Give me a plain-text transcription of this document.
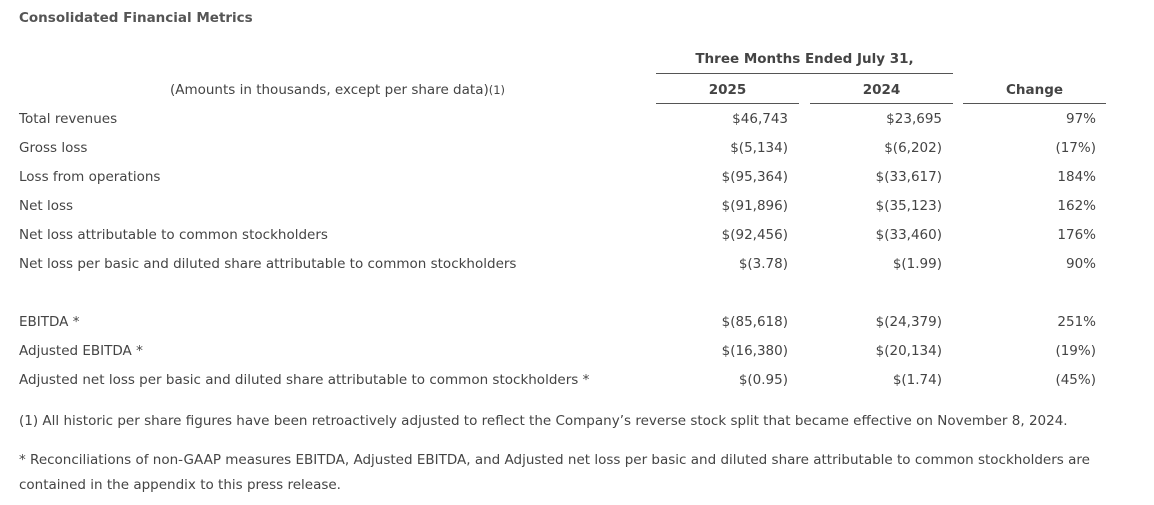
Consolidated Financial Metrics
Three Months Ended July 31,
(Amounts in thousands, except per share data)(1)	2025	2024	Change
Total revenues	$46,743	$23,695	97%
Gross loss	$(5,134)	$(6,202)	(17%)
Loss from operations	$(95,364)	$(33,617)	184%
Net loss	$(91,896)	$(35,123)	162%
Net loss attributable to common stockholders	$(92,456)	$(33,460)	176%
Net loss per basic and diluted share attributable to common stockholders	$(3.78)	$(1.99)	90%
EBITDA *	$(85,618)	$(24,379)	251%
Adjusted EBITDA *	$(16,380)	$(20,134)	(19%)
Adjusted net loss per basic and diluted share attributable to common stockholders *	$(0.95)	$(1.74)	(45%)
(1) All historic per share figures have been retroactively adjusted to reflect the Company’s reverse stock split that became effective on November 8, 2024.
* Reconciliations of non-GAAP measures EBITDA, Adjusted EBITDA, and Adjusted net loss per basic and diluted share attributable to common stockholders are contained in the appendix to this press release.
